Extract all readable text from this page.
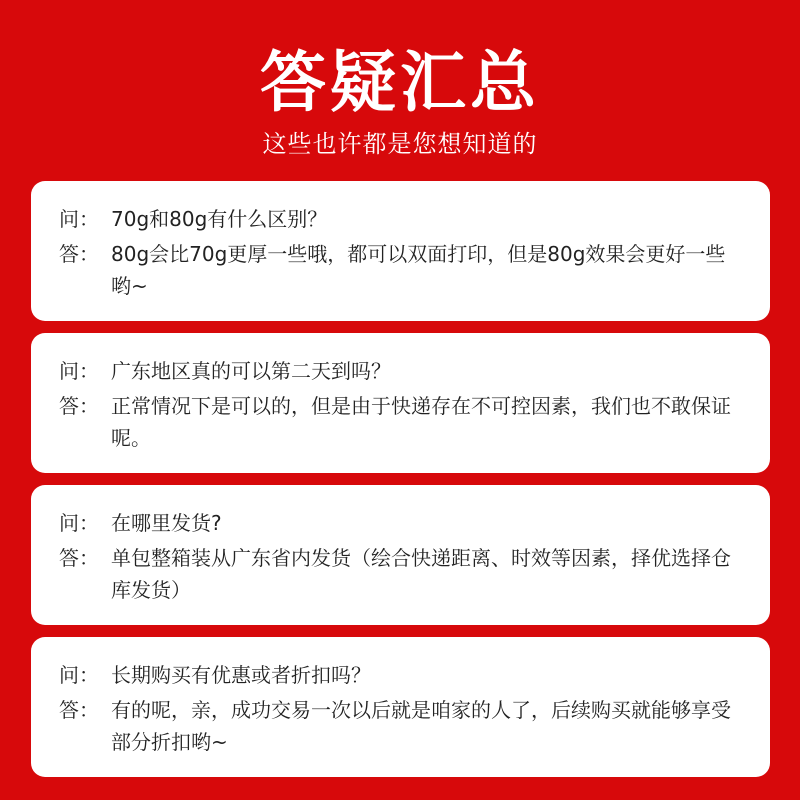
答疑汇总
这些也许都是您想知道的
问： 70g和80g有什么区别？
答： 80g会比70g更厚一些哦，都可以双面打印，但是80g效果会更好一些哟~
问： 广东地区真的可以第二天到吗？
答： 正常情况下是可以的，但是由于快递存在不可控因素，我们也不敢保证呢。
问： 在哪里发货?
答： 单包整箱装从广东省内发货（绘合快递距离、时效等因素，择优选择仓库发货）
问： 长期购买有优惠或者折扣吗？
答： 有的呢，亲，成功交易一次以后就是咱家的人了，后续购买就能够享受部分折扣哟~
